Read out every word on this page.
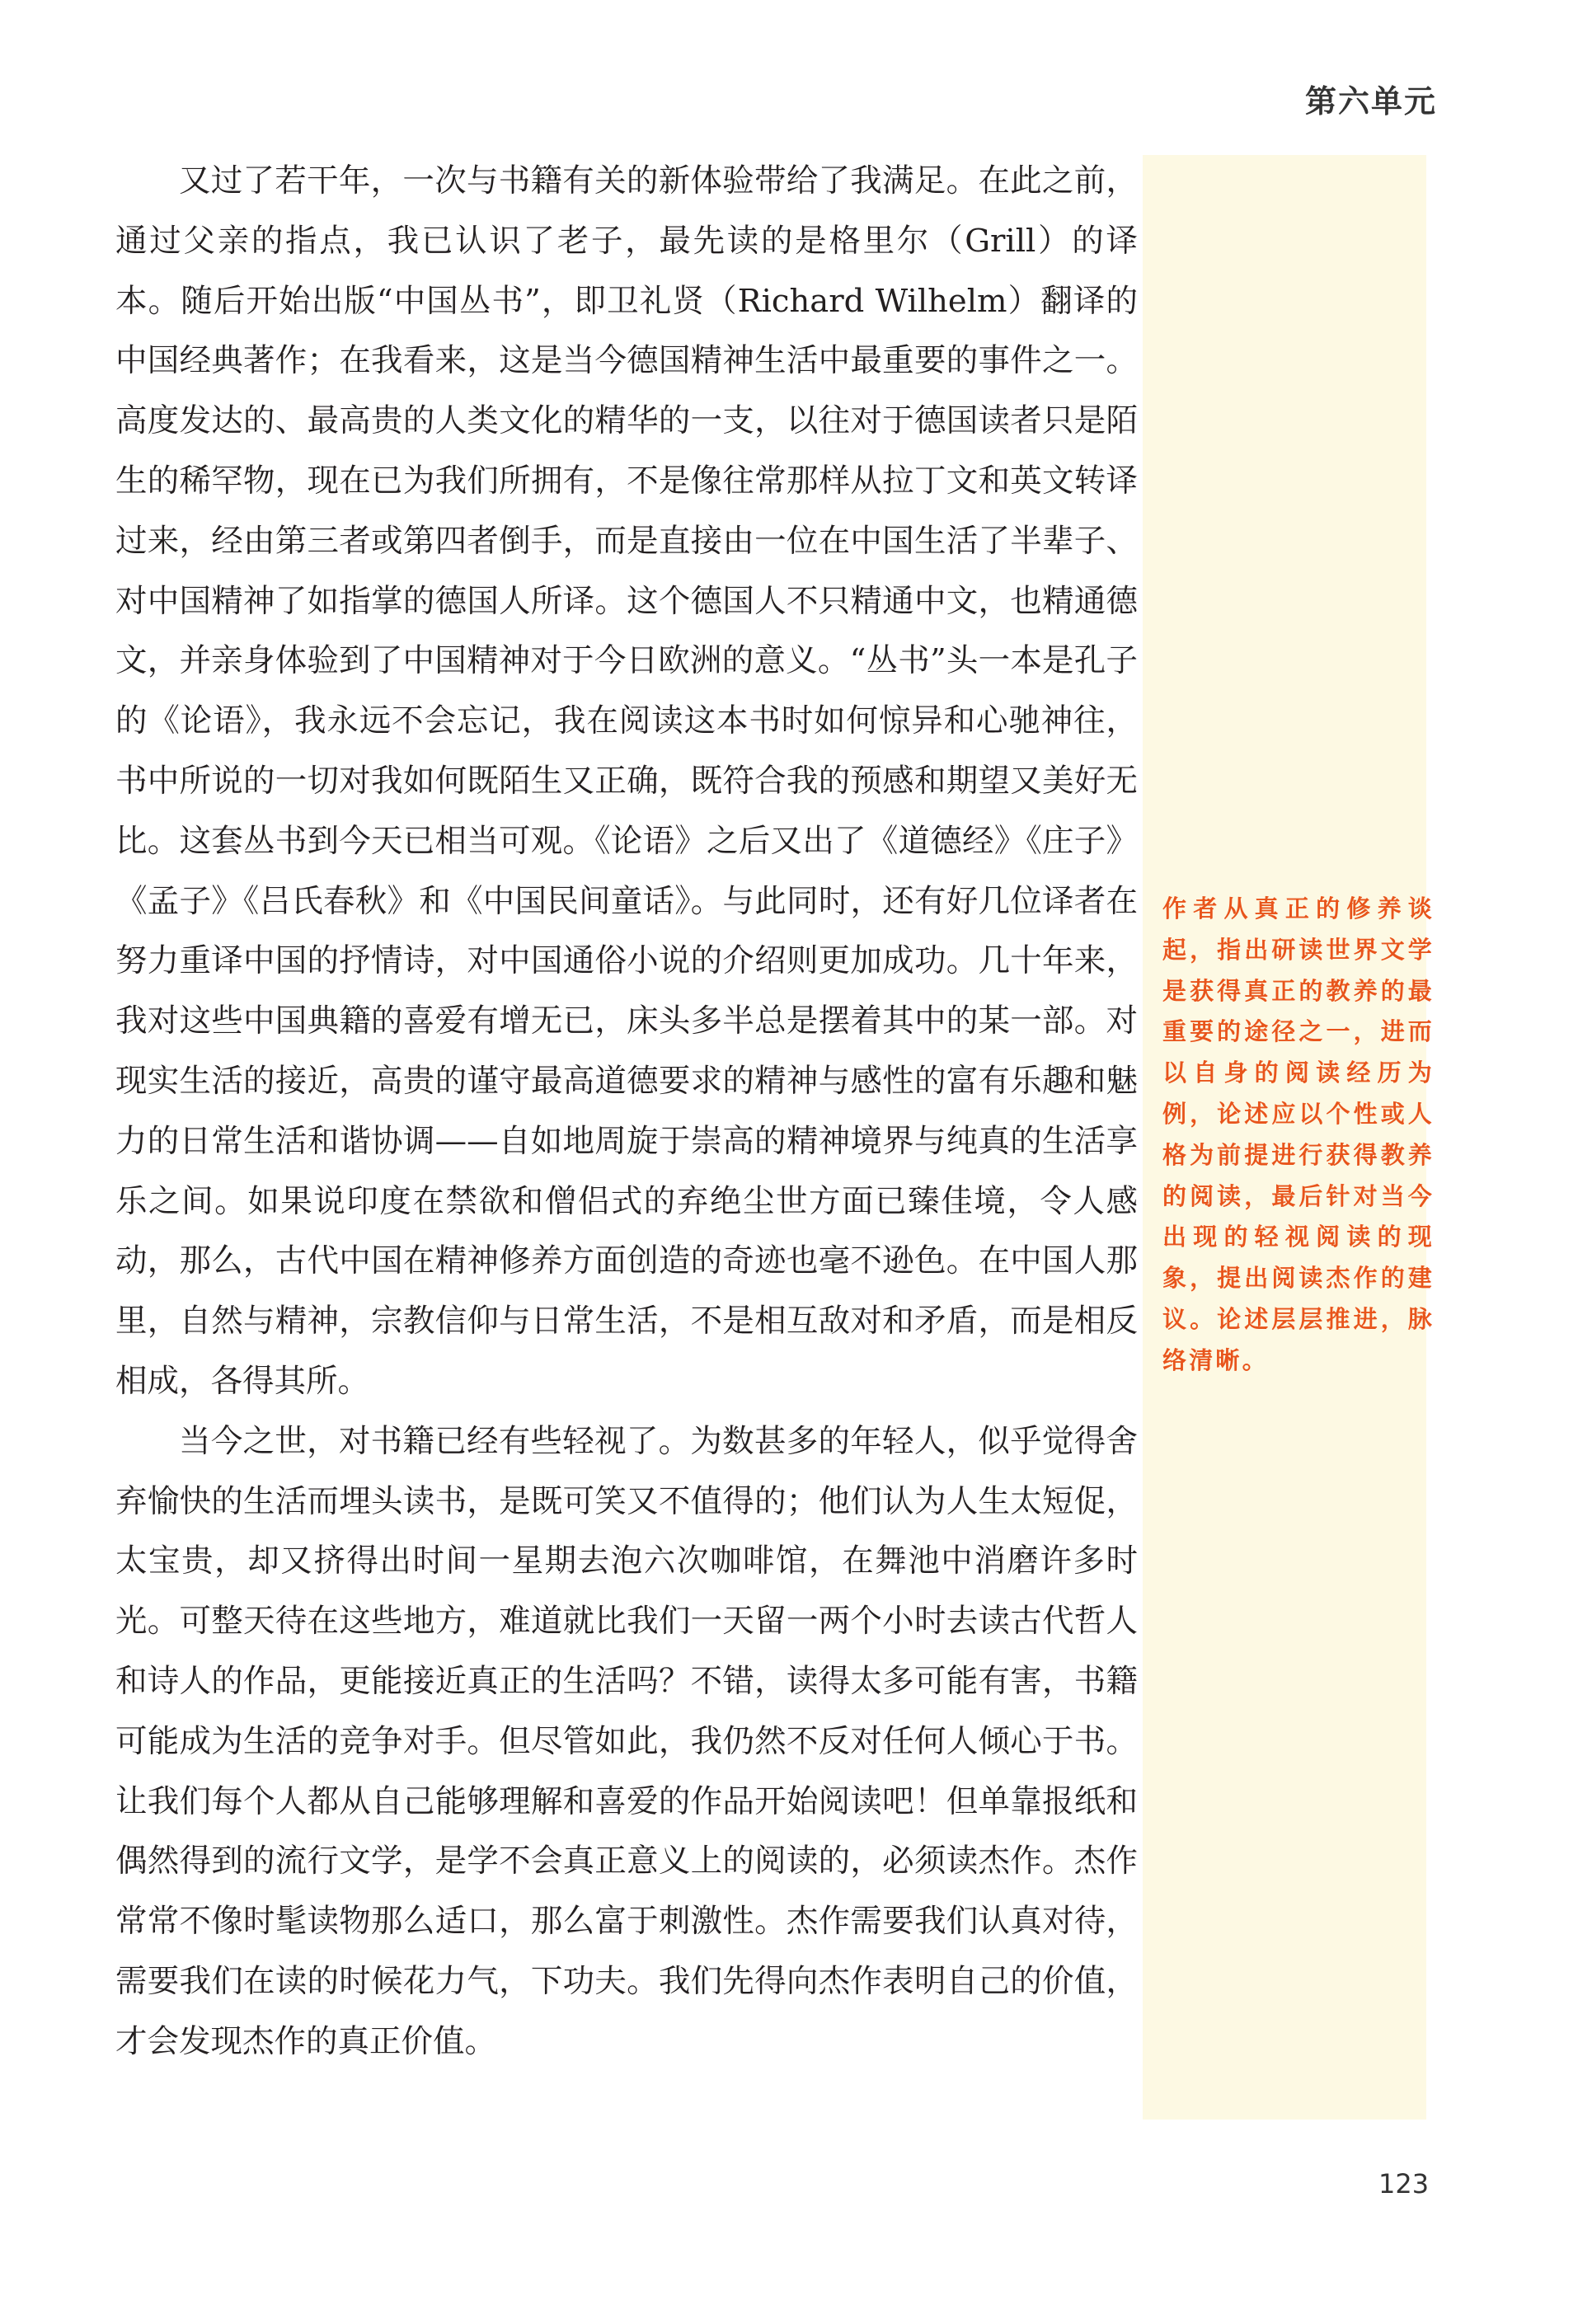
第六单元

又过了若干年，一次与书籍有关的新体验带给了我满足。在此之前，通过父亲的指点，我已认识了老子，最先读的是格里尔（Grill）的译本。随后开始出版“中国丛书”，即卫礼贤（Richard Wilhelm）翻译的中国经典著作；在我看来，这是当今德国精神生活中最重要的事件之一。高度发达的、最高贵的人类文化的精华的一支，以往对于德国读者只是陌生的稀罕物，现在已为我们所拥有，不是像往常那样从拉丁文和英文转译过来，经由第三者或第四者倒手，而是直接由一位在中国生活了半辈子、对中国精神了如指掌的德国人所译。这个德国人不只精通中文，也精通德文，并亲身体验到了中国精神对于今日欧洲的意义。“丛书”头一本是孔子的《论语》，我永远不会忘记，我在阅读这本书时如何惊异和心驰神往，书中所说的一切对我如何既陌生又正确，既符合我的预感和期望又美好无比。这套丛书到今天已相当可观。《论语》之后又出了《道德经》《庄子》《孟子》《吕氏春秋》和《中国民间童话》。与此同时，还有好几位译者在努力重译中国的抒情诗，对中国通俗小说的介绍则更加成功。几十年来，我对这些中国典籍的喜爱有增无已，床头多半总是摆着其中的某一部。对现实生活的接近，高贵的谨守最高道德要求的精神与感性的富有乐趣和魅力的日常生活和谐协调——自如地周旋于崇高的精神境界与纯真的生活享乐之间。如果说印度在禁欲和僧侣式的弃绝尘世方面已臻佳境，令人感动，那么，古代中国在精神修养方面创造的奇迹也毫不逊色。在中国人那里，自然与精神，宗教信仰与日常生活，不是相互敌对和矛盾，而是相反相成，各得其所。

当今之世，对书籍已经有些轻视了。为数甚多的年轻人，似乎觉得舍弃愉快的生活而埋头读书，是既可笑又不值得的；他们认为人生太短促，太宝贵，却又挤得出时间一星期去泡六次咖啡馆，在舞池中消磨许多时光。可整天待在这些地方，难道就比我们一天留一两个小时去读古代哲人和诗人的作品，更能接近真正的生活吗？不错，读得太多可能有害，书籍可能成为生活的竞争对手。但尽管如此，我仍然不反对任何人倾心于书。让我们每个人都从自己能够理解和喜爱的作品开始阅读吧！但单靠报纸和偶然得到的流行文学，是学不会真正意义上的阅读的，必须读杰作。杰作常常不像时髦读物那么适口，那么富于刺激性。杰作需要我们认真对待，需要我们在读的时候花力气，下功夫。我们先得向杰作表明自己的价值，才会发现杰作的真正价值。

作者从真正的修养谈起，指出研读世界文学是获得真正的教养的最重要的途径之一，进而以自身的阅读经历为例，论述应以个性或人格为前提进行获得教养的阅读，最后针对当今出现的轻视阅读的现象，提出阅读杰作的建议。论述层层推进，脉络清晰。
123
